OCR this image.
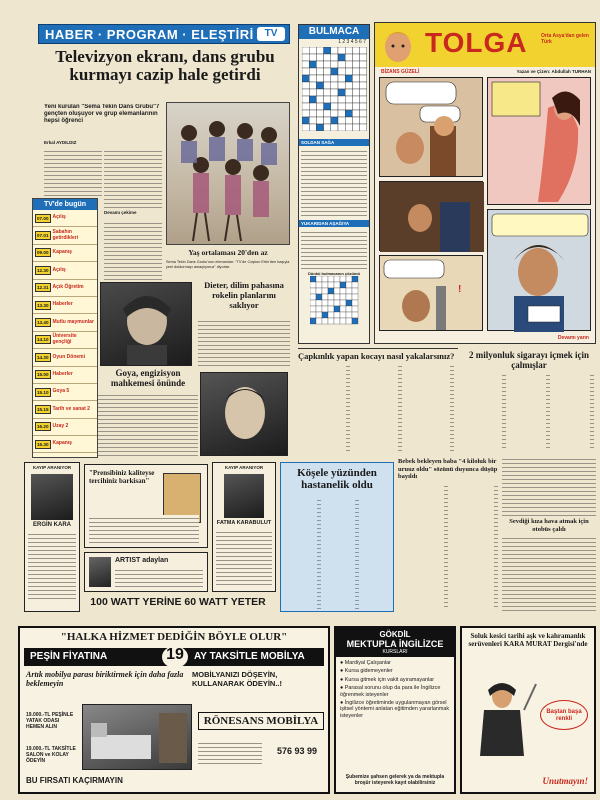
HABER · PROGRAM · ELEŞTİRİ	TV
Televizyon ekranı, dans grubu kurmayı cazip hale getirdi
Yeni kurulan "Sema Tekin Dans Grubu"7 gençten oluşuyor ve grup elemanlarının hepsi öğrenci
Erkal AYDILDIZ
Devamı çekime
TV'de bugün
07.00 Açılış
07.01
Sabahın getirdikleri
09.00 Kapanış
12.30 Açılış
12.31 Açık Öğretim
13.30 Haberler
13.40 Mutlu maymunlar
14.10
Üniversite gençliği
14.30 Oyun Dönemi
15.00 Haberler
15.10 Goya 5
15.15 Tarih ve sanat 2
16.20 Uzay 2
16.30 Kapanış
Yaş ortalaması 20'den az
Sema Tekin Dans Grubu'nun elemanları: "TV'de Coşkun Ertin'den başıyla yeni doldurmayı amaçlıyoruz" diyorlar.
Goya, engizisyon mahkemesi önünde
Dieter, dilim pahasına rokelin planlarını saklıyor
BULMACA
1 2 3 4 5 6 7
SOLDAN SAĞA
YUKARIDAN AŞAĞIYA
Dünkü bulmacanın çözümü
TOLGA	Orta Asya'dan gelen Türk
BİZANS GÜZELİ	Yazan ve Çizen: Abdullah TURHAN
!
Devamı yarın
Çapkınlık yapan kocayı nasıl yakalarsınız?	2 milyonluk sigarayı içmek için çalmışlar
KAYIP ARANIYOR
ERGİN KARA
"Prensibiniz kaliteyse tercihiniz barkisan"
ARTIST adaylan
KAYIP ARANIYOR
FATMA KARABULUT
100 WATT YERİNE 60 WATT YETER
Köşele yüzünden hastanelik oldu
Bebek bekleyen baba "4 kiloluk bir uruuz oldu" sözünü duyunca düşüp bayıldı
Sevdiği kıza hava atmak için otobüs çaldı
"HALKA HİZMET DEDİĞİN BÖYLE OLUR"
PEŞİN FİYATINA	19	AY TAKSİTLE MOBİLYA
Artık mobilya parası biriktirmek için daha fazla beklemeyin
MOBİLYANIZI DÖŞEYİN, KULLANARAK ÖDEYİN..!
19.000.-TL PEŞİNLE YATAK ODASI HEMEN ALIN
19.000.-TL TAKSİTLE SALON ve KOLAY ÖDEYİN
RÖNESANS MOBİLYA
576 93 99
BU FIRSATI KAÇIRMAYIN
GÖKDİL
MEKTUPLA İNGİLİZCE
KURSLARI
● Mardiyal Çalışanlar
● Kursa gidemeyenler
● Kursa gitmek için vakit ayıramayanlar
● Parasal sorunu olup da para ile İngilizce öğrenmek isteyenler
● İngilizce öğretiminde uygulanmayan görsel işitsel yöntemi anlatan eğitimden yararlanmak isteyenler
Şubemize şahsen gelerek ya da mektupla broşür isteyerek kayıt olabilirsiniz
Soluk kesici tarihi aşk ve kahramanlık serüvenleri KARA MURAT Dergisi'nde
Baştan başa renkli
Unutmayın!
